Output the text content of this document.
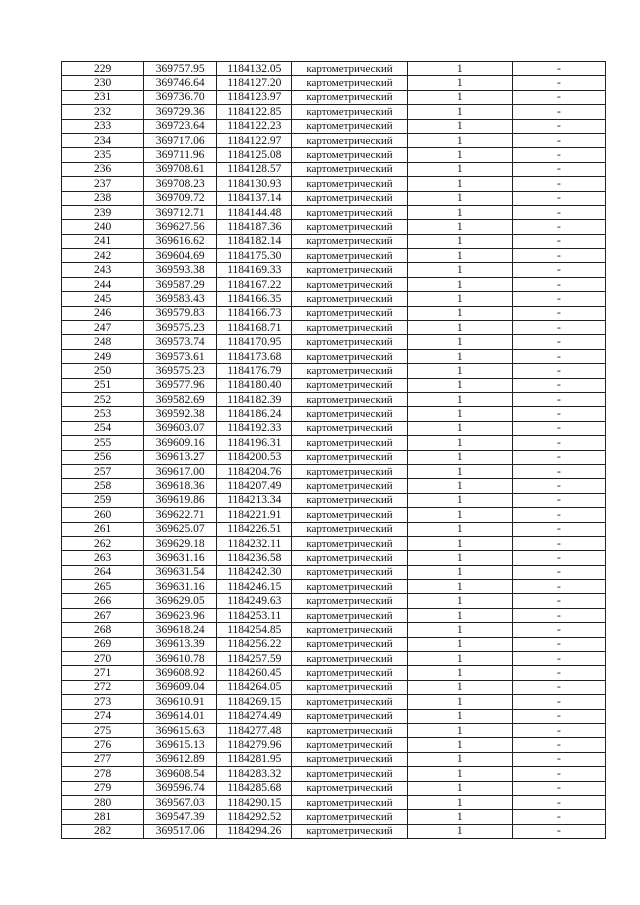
229	369757.95	1184132.05	картометрический	1	-
230	369746.64	1184127.20	картометрический	1	-
231	369736.70	1184123.97	картометрический	1	-
232	369729.36	1184122.85	картометрический	1	-
233	369723.64	1184122.23	картометрический	1	-
234	369717.06	1184122.97	картометрический	1	-
235	369711.96	1184125.08	картометрический	1	-
236	369708.61	1184128.57	картометрический	1	-
237	369708.23	1184130.93	картометрический	1	-
238	369709.72	1184137.14	картометрический	1	-
239	369712.71	1184144.48	картометрический	1	-
240	369627.56	1184187.36	картометрический	1	-
241	369616.62	1184182.14	картометрический	1	-
242	369604.69	1184175.30	картометрический	1	-
243	369593.38	1184169.33	картометрический	1	-
244	369587.29	1184167.22	картометрический	1	-
245	369583.43	1184166.35	картометрический	1	-
246	369579.83	1184166.73	картометрический	1	-
247	369575.23	1184168.71	картометрический	1	-
248	369573.74	1184170.95	картометрический	1	-
249	369573.61	1184173.68	картометрический	1	-
250	369575.23	1184176.79	картометрический	1	-
251	369577.96	1184180.40	картометрический	1	-
252	369582.69	1184182.39	картометрический	1	-
253	369592.38	1184186.24	картометрический	1	-
254	369603.07	1184192.33	картометрический	1	-
255	369609.16	1184196.31	картометрический	1	-
256	369613.27	1184200.53	картометрический	1	-
257	369617.00	1184204.76	картометрический	1	-
258	369618.36	1184207.49	картометрический	1	-
259	369619.86	1184213.34	картометрический	1	-
260	369622.71	1184221.91	картометрический	1	-
261	369625.07	1184226.51	картометрический	1	-
262	369629.18	1184232.11	картометрический	1	-
263	369631.16	1184236.58	картометрический	1	-
264	369631.54	1184242.30	картометрический	1	-
265	369631.16	1184246.15	картометрический	1	-
266	369629.05	1184249.63	картометрический	1	-
267	369623.96	1184253.11	картометрический	1	-
268	369618.24	1184254.85	картометрический	1	-
269	369613.39	1184256.22	картометрический	1	-
270	369610.78	1184257.59	картометрический	1	-
271	369608.92	1184260.45	картометрический	1	-
272	369609.04	1184264.05	картометрический	1	-
273	369610.91	1184269.15	картометрический	1	-
274	369614.01	1184274.49	картометрический	1	-
275	369615.63	1184277.48	картометрический	1	-
276	369615.13	1184279.96	картометрический	1	-
277	369612.89	1184281.95	картометрический	1	-
278	369608.54	1184283.32	картометрический	1	-
279	369596.74	1184285.68	картометрический	1	-
280	369567.03	1184290.15	картометрический	1	-
281	369547.39	1184292.52	картометрический	1	-
282	369517.06	1184294.26	картометрический	1	-
